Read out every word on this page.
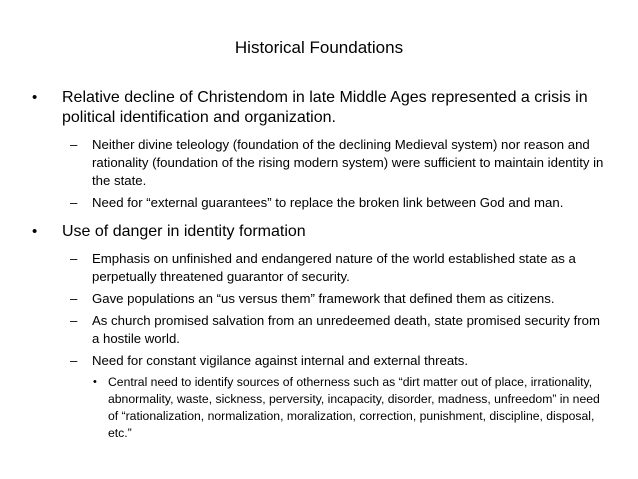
Historical Foundations
• Relative decline of Christendom in late Middle Ages represented a crisis in political identification and organization.
– Neither divine teleology (foundation of the declining Medieval system) nor reason and rationality (foundation of the rising modern system) were sufficient to maintain identity in the state.
– Need for “external guarantees” to replace the broken link between God and man.
• Use of danger in identity formation
– Emphasis on unfinished and endangered nature of the world established state as a perpetually threatened guarantor of security.
– Gave populations an “us versus them” framework that defined them as citizens.
– As church promised salvation from an unredeemed death, state promised security from a hostile world.
– Need for constant vigilance against internal and external threats.
• Central need to identify sources of otherness such as “dirt matter out of place, irrationality, abnormality, waste, sickness, perversity, incapacity, disorder, madness, unfreedom” in need of “rationalization, normalization, moralization, correction, punishment, discipline, disposal, etc.”
